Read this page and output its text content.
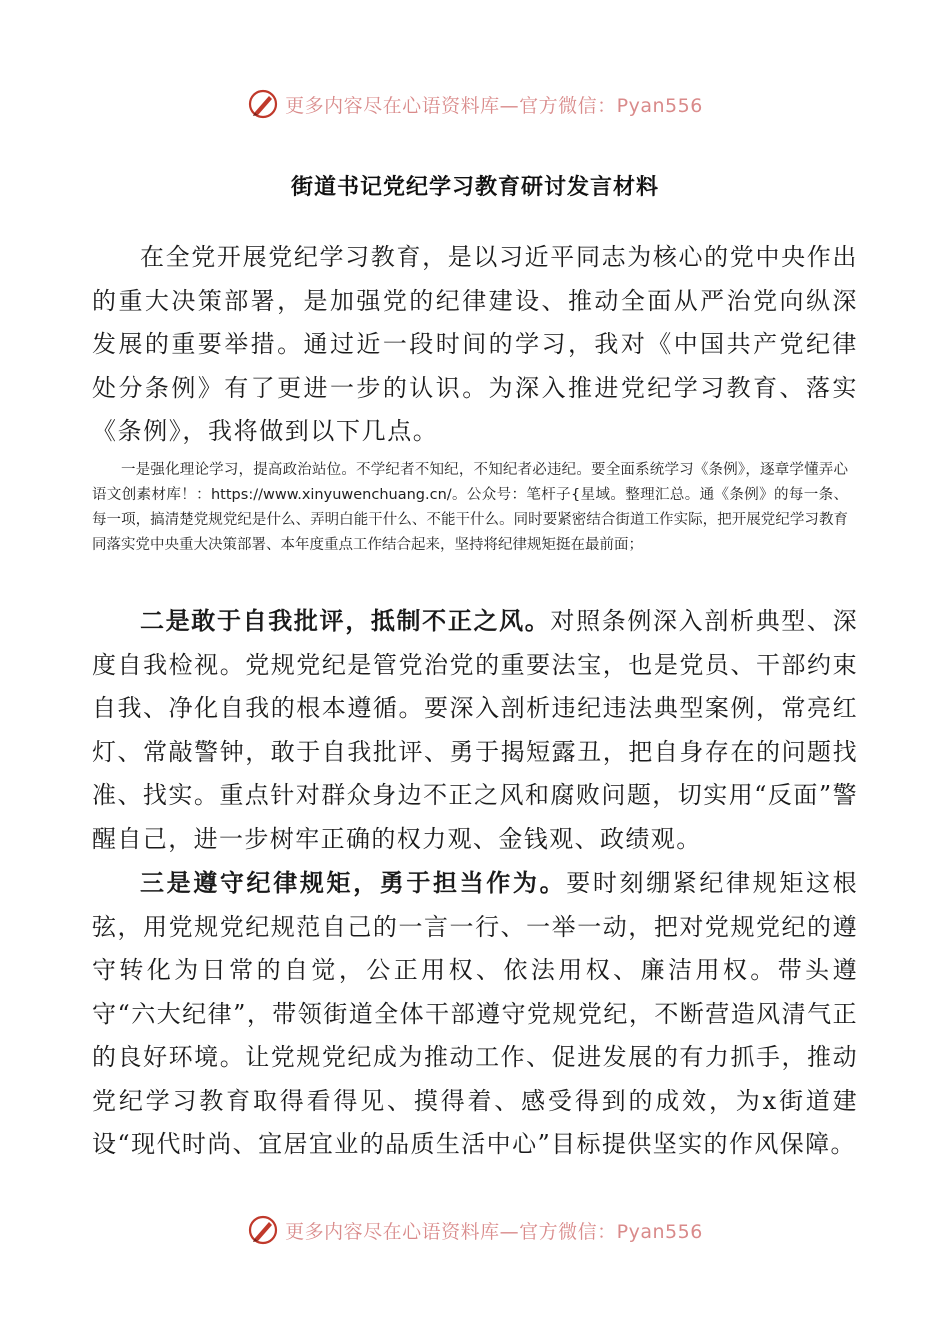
更多内容尽在心语资料库—官方微信：Pyan556
街道书记党纪学习教育研讨发言材料

在全党开展党纪学习教育，是以习近平同志为核心的党中央作出的重大决策部署，是加强党的纪律建设、推动全面从严治党向纵深发展的重要举措。通过近一段时间的学习，我对《中国共产党纪律处分条例》有了更进一步的认识。为深入推进党纪学习教育、落实《条例》，我将做到以下几点。

一是强化理论学习，提高政治站位。不学纪者不知纪，不知纪者必违纪。要全面系统学习《条例》，逐章学懂弄心语文创素材库！：https://www.xinyuwenchuang.cn/。公众号：笔杆子{星域。整理汇总。通《条例》的每一条、每一项，搞清楚党规党纪是什么、弄明白能干什么、不能干什么。同时要紧密结合街道工作实际，把开展党纪学习教育同落实党中央重大决策部署、本年度重点工作结合起来，坚持将纪律规矩挺在最前面；

二是敢于自我批评，抵制不正之风。对照条例深入剖析典型、深度自我检视。党规党纪是管党治党的重要法宝，也是党员、干部约束自我、净化自我的根本遵循。要深入剖析违纪违法典型案例，常亮红灯、常敲警钟，敢于自我批评、勇于揭短露丑，把自身存在的问题找准、找实。重点针对群众身边不正之风和腐败问题，切实用“反面”警醒自己，进一步树牢正确的权力观、金钱观、政绩观。

三是遵守纪律规矩，勇于担当作为。要时刻绷紧纪律规矩这根弦，用党规党纪规范自己的一言一行、一举一动，把对党规党纪的遵守转化为日常的自觉，公正用权、依法用权、廉洁用权。带头遵守“六大纪律”，带领街道全体干部遵守党规党纪，不断营造风清气正的良好环境。让党规党纪成为推动工作、促进发展的有力抓手，推动党纪学习教育取得看得见、摸得着、感受得到的成效，为x街道建设“现代时尚、宜居宜业的品质生活中心”目标提供坚实的作风保障。

更多内容尽在心语资料库—官方微信：Pyan556
